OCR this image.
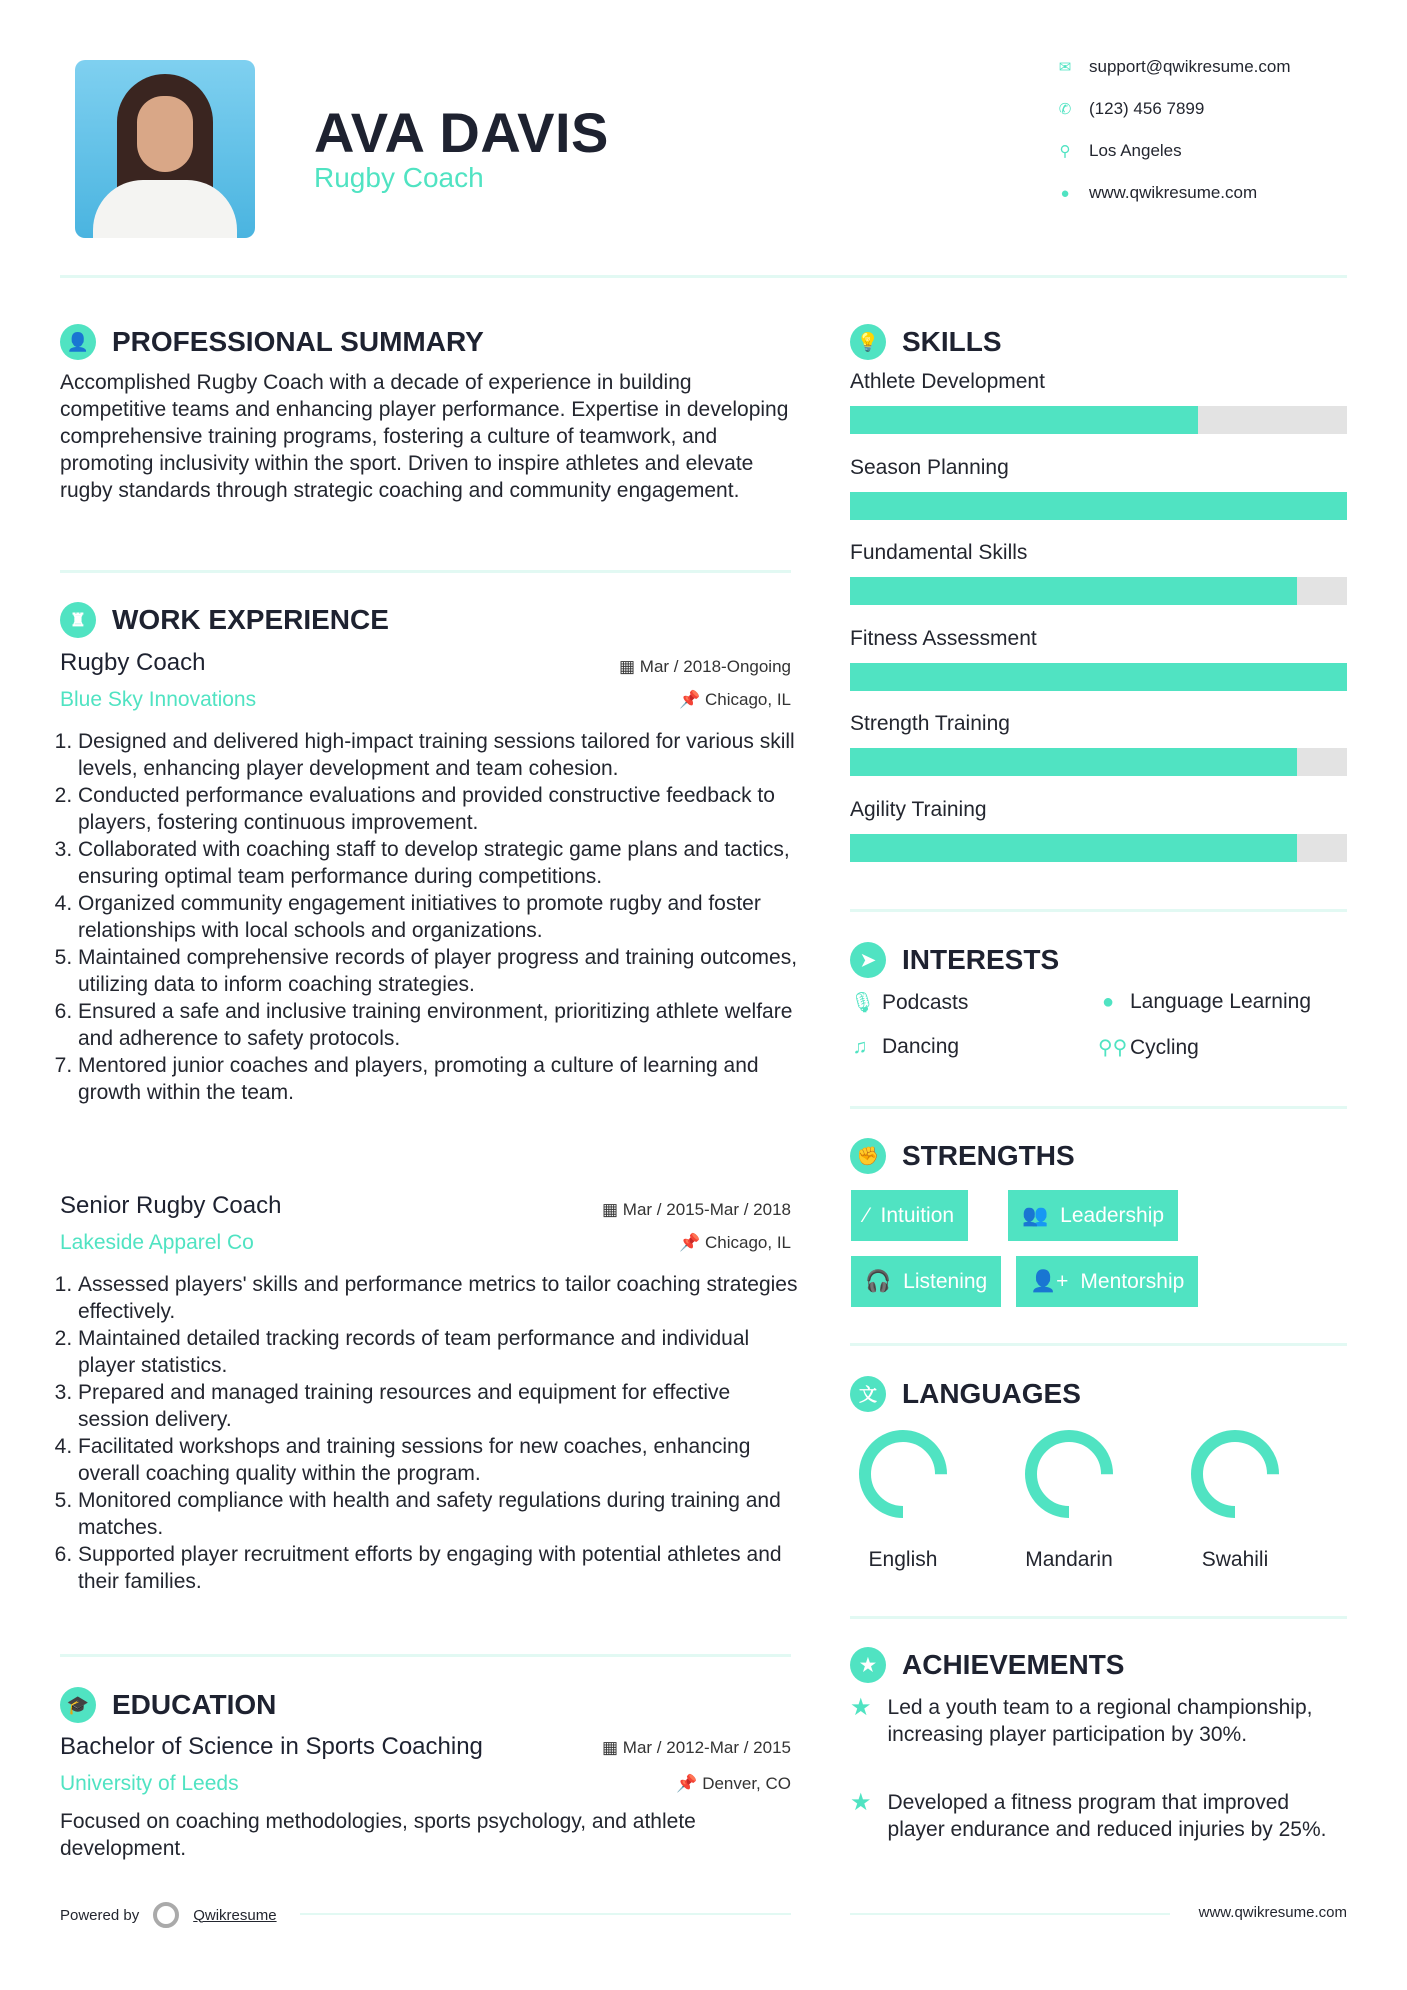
AVA DAVIS
Rugby Coach
✉ support@qwikresume.com
✆ (123) 456 7899
⚲ Los Angeles
●	www.qwikresume.com
👤 PROFESSIONAL SUMMARY
Accomplished Rugby Coach with a decade of experience in building competitive teams and enhancing player performance. Expertise in developing comprehensive training programs, fostering a culture of teamwork, and promoting inclusivity within the sport. Driven to inspire athletes and elevate rugby standards through strategic coaching and community engagement.
♜ WORK EXPERIENCE
Rugby Coach	▦ Mar / 2018-Ongoing
Blue Sky Innovations	📌 Chicago, IL
1. Designed and delivered high-impact training sessions tailored for various skill levels, enhancing player development and team cohesion.
2. Conducted performance evaluations and provided constructive feedback to players, fostering continuous improvement.
3. Collaborated with coaching staff to develop strategic game plans and tactics, ensuring optimal team performance during competitions.
4. Organized community engagement initiatives to promote rugby and foster relationships with local schools and organizations.
5. Maintained comprehensive records of player progress and training outcomes, utilizing data to inform coaching strategies.
6. Ensured a safe and inclusive training environment, prioritizing athlete welfare and adherence to safety protocols.
7. Mentored junior coaches and players, promoting a culture of learning and growth within the team.
Senior Rugby Coach	▦ Mar / 2015-Mar / 2018
Lakeside Apparel Co	📌 Chicago, IL
1. Assessed players' skills and performance metrics to tailor coaching strategies effectively.
2. Maintained detailed tracking records of team performance and individual player statistics.
3. Prepared and managed training resources and equipment for effective session delivery.
4. Facilitated workshops and training sessions for new coaches, enhancing overall coaching quality within the program.
5. Monitored compliance with health and safety regulations during training and matches.
6. Supported player recruitment efforts by engaging with potential athletes and their families.
🎓 EDUCATION
Bachelor of Science in Sports Coaching	▦ Mar / 2012-Mar / 2015
University of Leeds	📌 Denver, CO
Focused on coaching methodologies, sports psychology, and athlete development.
Powered by	Qwikresume
💡 SKILLS
Athlete Development
Season Planning
Fundamental Skills
Fitness Assessment
Strength Training
Agility Training
➤ INTERESTS
🎙 Podcasts	● Language Learning
♫ Dancing	⚲⚲ Cycling
✊ STRENGTHS
⁄ Intuition	👥 Leadership
🎧 Listening 👤+ Mentorship
文 LANGUAGES
English	Mandarin	Swahili
★ ACHIEVEMENTS
★ Led a youth team to a regional championship, increasing player participation by 30%.
★ Developed a fitness program that improved player endurance and reduced injuries by 25%.
www.qwikresume.com
